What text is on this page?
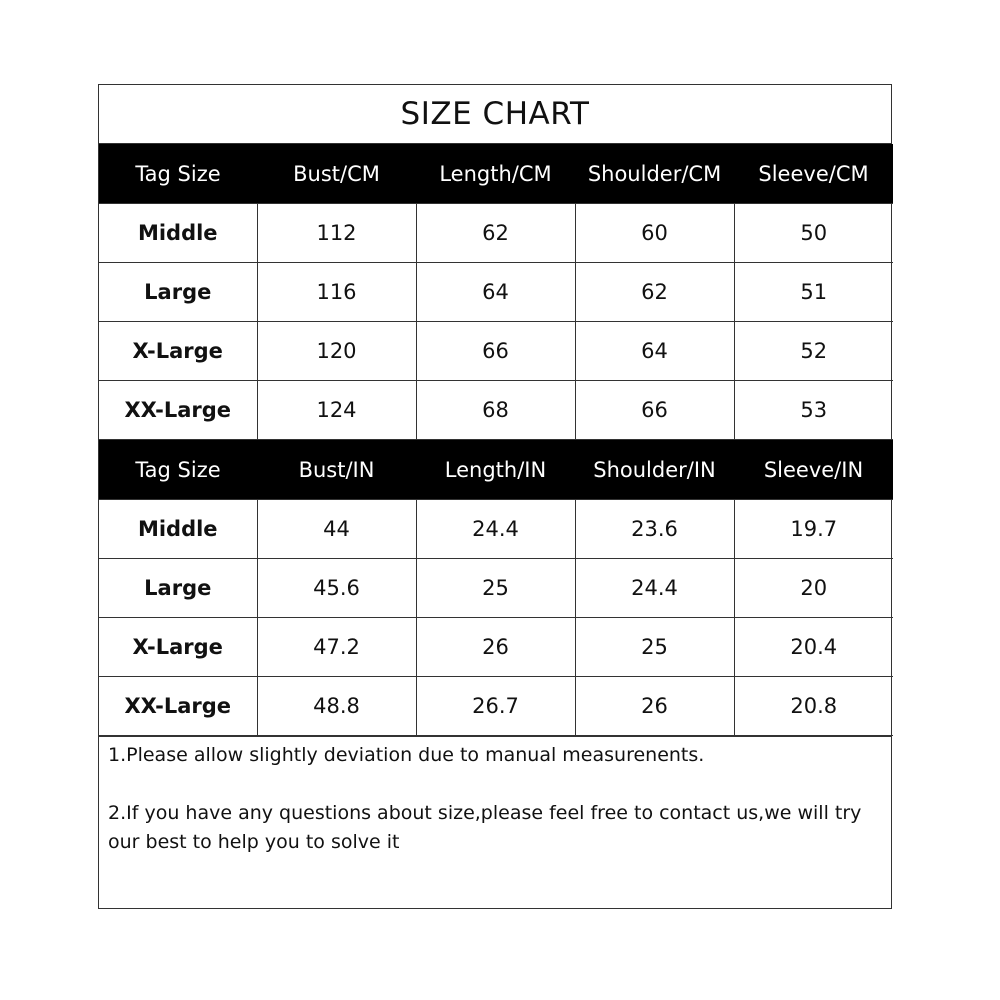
SIZE CHART
Tag Size	Bust/CM	Length/CM	Shoulder/CM	Sleeve/CM
Middle	112	62	60	50
Large	116	64	62	51
X-Large	120	66	64	52
XX-Large	124	68	66	53
Tag Size	Bust/IN	Length/IN	Shoulder/IN	Sleeve/IN
Middle	44	24.4	23.6	19.7
Large	45.6	25	24.4	20
X-Large	47.2	26	25	20.4
XX-Large	48.8	26.7	26	20.8

1.Please allow slightly deviation due to manual measurenents.

2.If you have any questions about size,please feel free to contact us,we will try our best to help you to solve it
